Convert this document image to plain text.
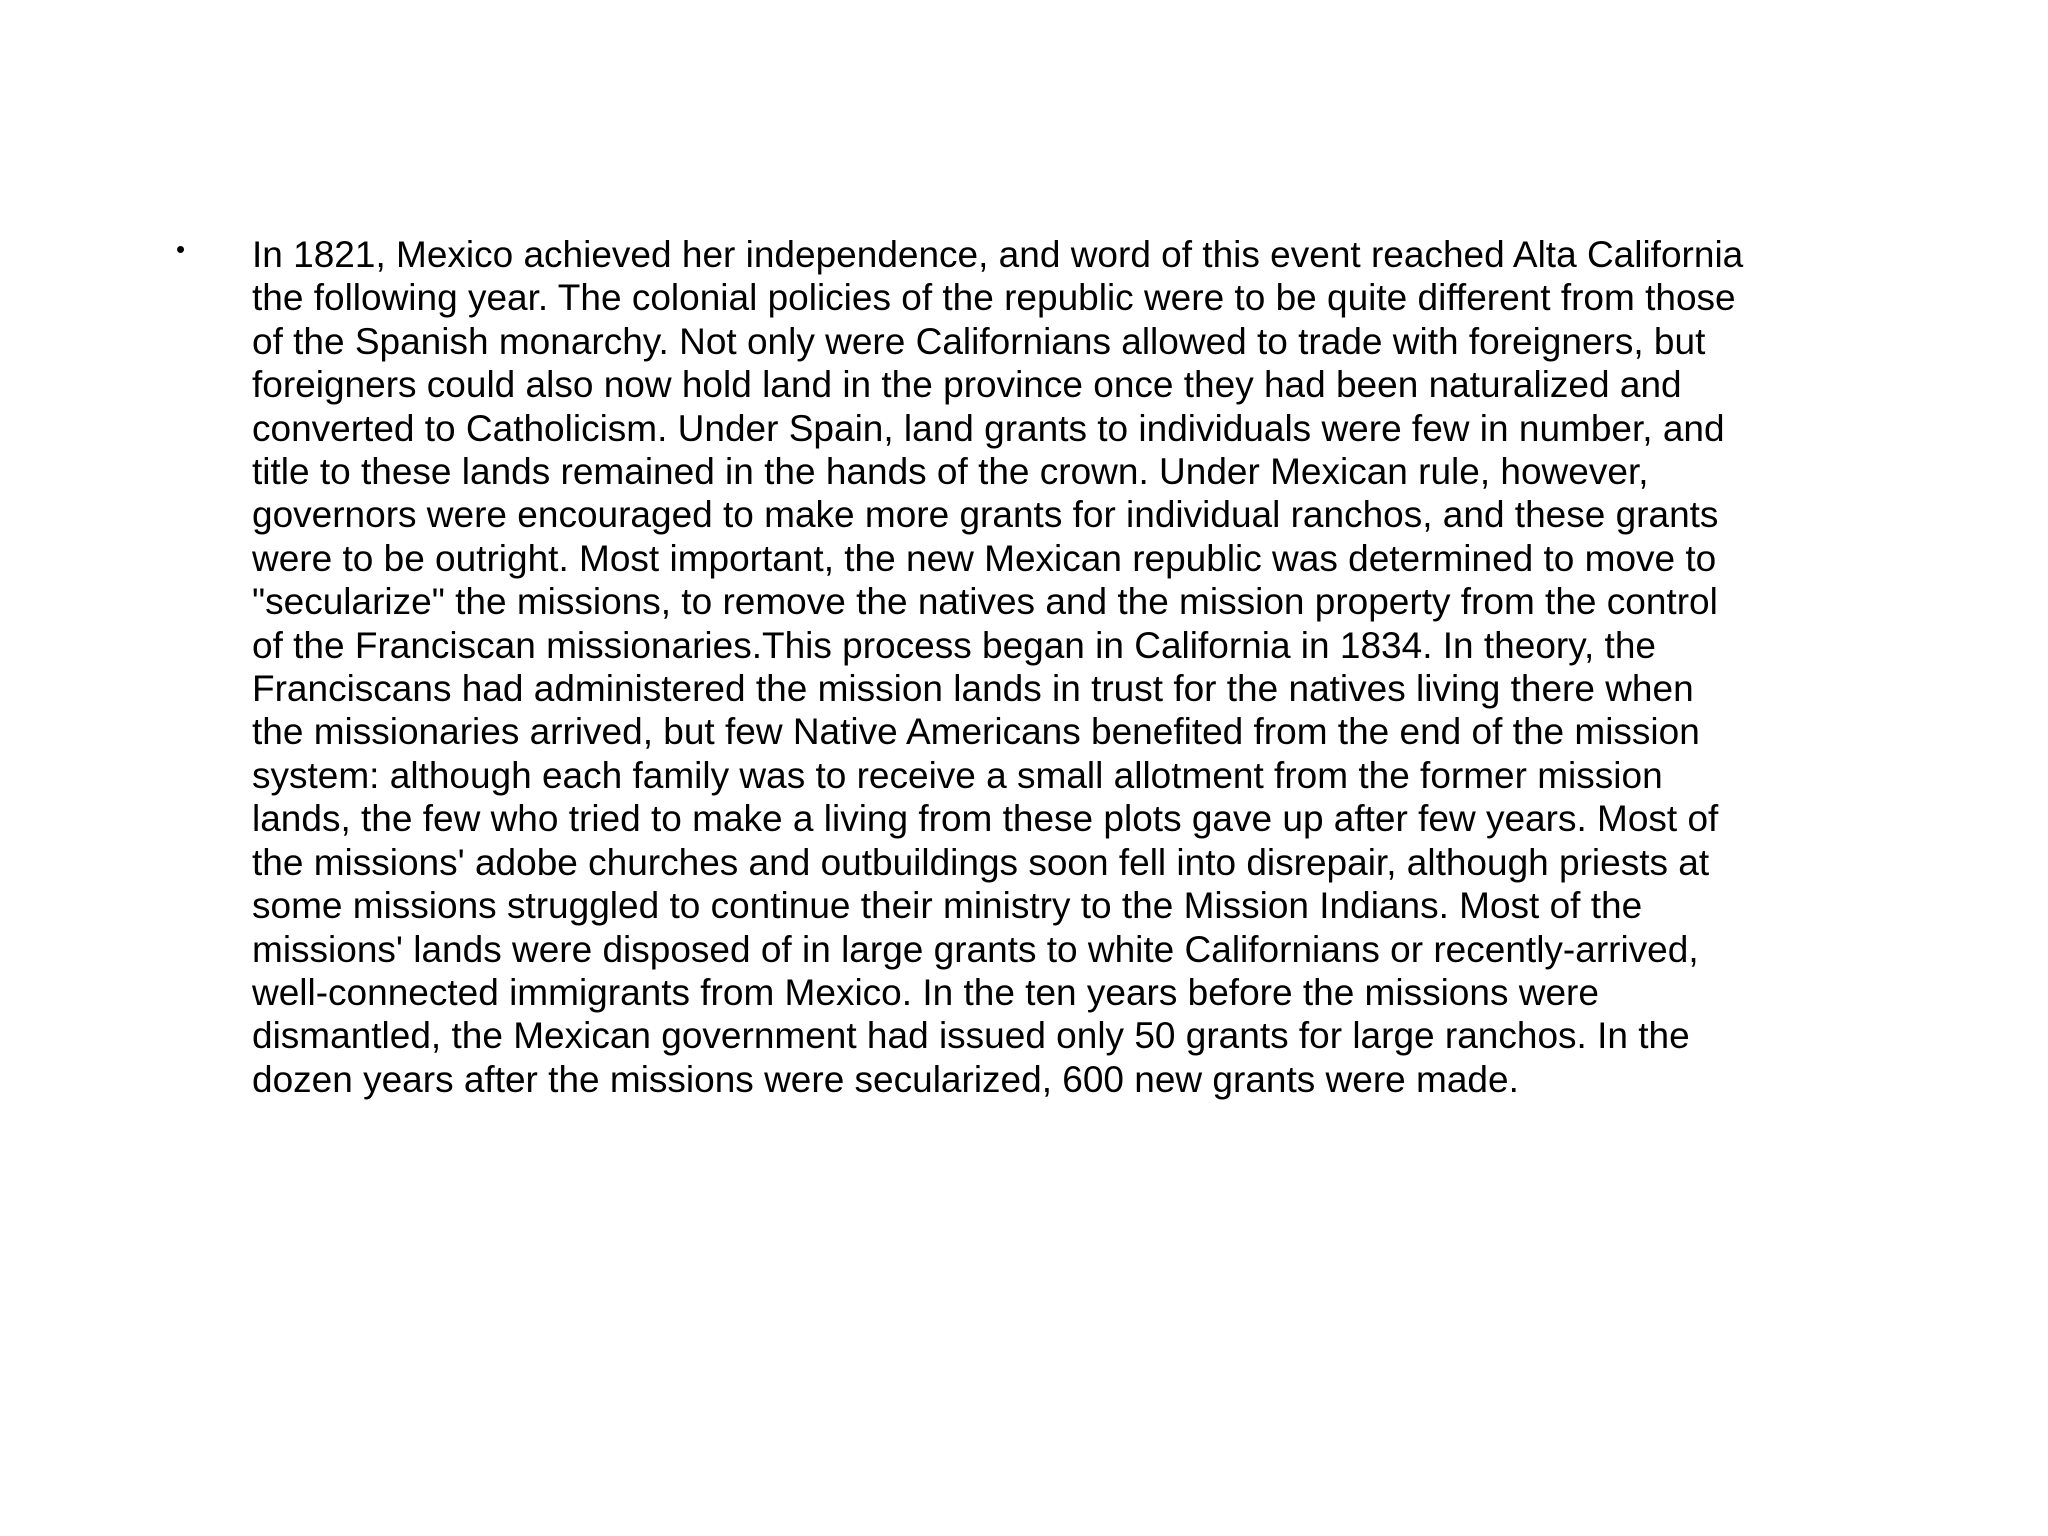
• In 1821, Mexico achieved her independence, and word of this event reached Alta California
the following year. The colonial policies of the republic were to be quite different from those
of the Spanish monarchy. Not only were Californians allowed to trade with foreigners, but
foreigners could also now hold land in the province once they had been naturalized and
converted to Catholicism. Under Spain, land grants to individuals were few in number, and
title to these lands remained in the hands of the crown. Under Mexican rule, however,
governors were encouraged to make more grants for individual ranchos, and these grants
were to be outright. Most important, the new Mexican republic was determined to move to
"secularize" the missions, to remove the natives and the mission property from the control
of the Franciscan missionaries.This process began in California in 1834. In theory, the
Franciscans had administered the mission lands in trust for the natives living there when
the missionaries arrived, but few Native Americans benefited from the end of the mission
system: although each family was to receive a small allotment from the former mission
lands, the few who tried to make a living from these plots gave up after few years. Most of
the missions' adobe churches and outbuildings soon fell into disrepair, although priests at
some missions struggled to continue their ministry to the Mission Indians. Most of the
missions' lands were disposed of in large grants to white Californians or recently-arrived,
well-connected immigrants from Mexico. In the ten years before the missions were
dismantled, the Mexican government had issued only 50 grants for large ranchos. In the
dozen years after the missions were secularized, 600 new grants were made.
